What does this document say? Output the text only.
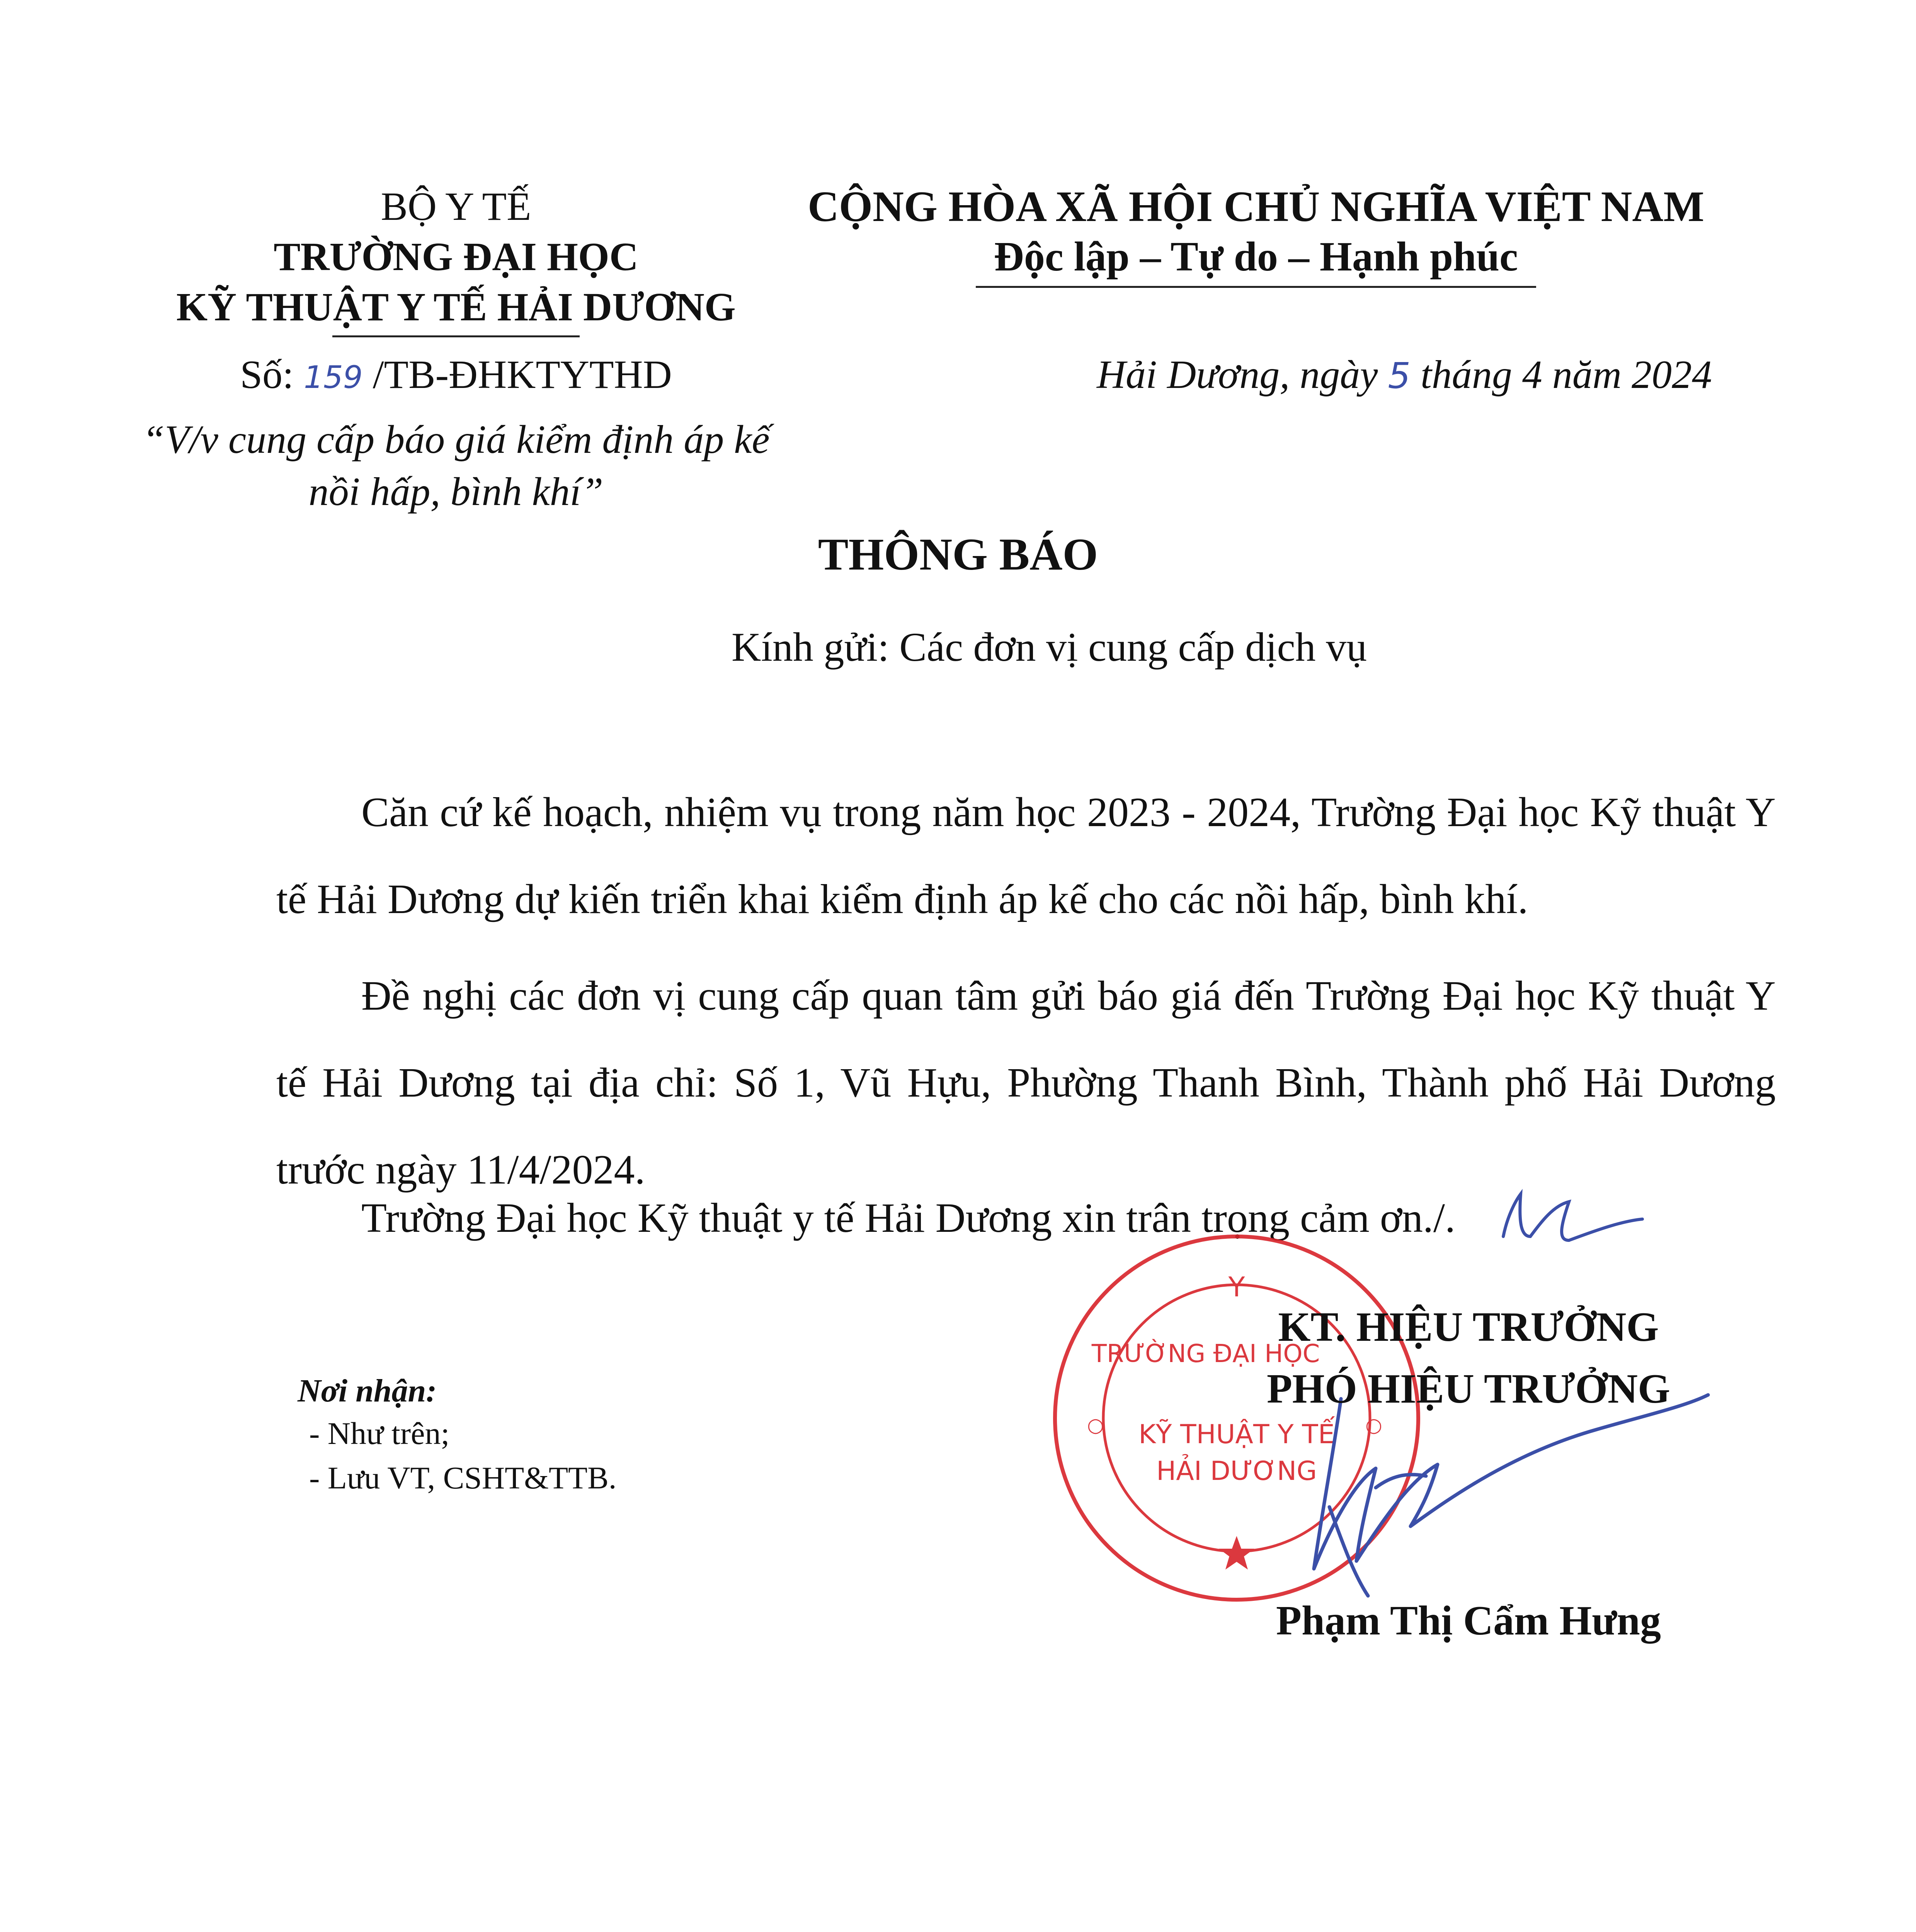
BỘ Y TẾ
TRƯỜNG ĐẠI HỌC
KỸ THUẬT Y TẾ HẢI DƯƠNG
Số: 159 /TB-ĐHKTYTHD
“V/v cung cấp báo giá kiểm định áp kế
nồi hấp, bình khí”
CỘNG HÒA XÃ HỘI CHỦ NGHĨA VIỆT NAM
Độc lập – Tự do – Hạnh phúc
Hải Dương, ngày 5 tháng 4 năm 2024
THÔNG BÁO
Kính gửi: Các đơn vị cung cấp dịch vụ
Căn cứ kế hoạch, nhiệm vụ trong năm học 2023 - 2024, Trường Đại học Kỹ thuật Y tế Hải Dương dự kiến triển khai kiểm định áp kế cho các nồi hấp, bình khí.
Đề nghị các đơn vị cung cấp quan tâm gửi báo giá đến Trường Đại học Kỹ thuật Y tế Hải Dương tại địa chỉ: Số 1, Vũ Hựu, Phường Thanh Bình, Thành phố Hải Dương trước ngày 11/4/2024.
Trường Đại học Kỹ thuật y tế Hải Dương xin trân trọng cảm ơn./.
Nơi nhận:
- Như trên;
- Lưu VT, CSHT&TTB.
Y
TRƯỜNG ĐẠI HỌC
KỸ THUẬT Y TẾ
HẢI DƯƠNG
○	○
KT. HIỆU TRƯỞNG
PHÓ HIỆU TRƯỞNG
Phạm Thị Cẩm Hưng
